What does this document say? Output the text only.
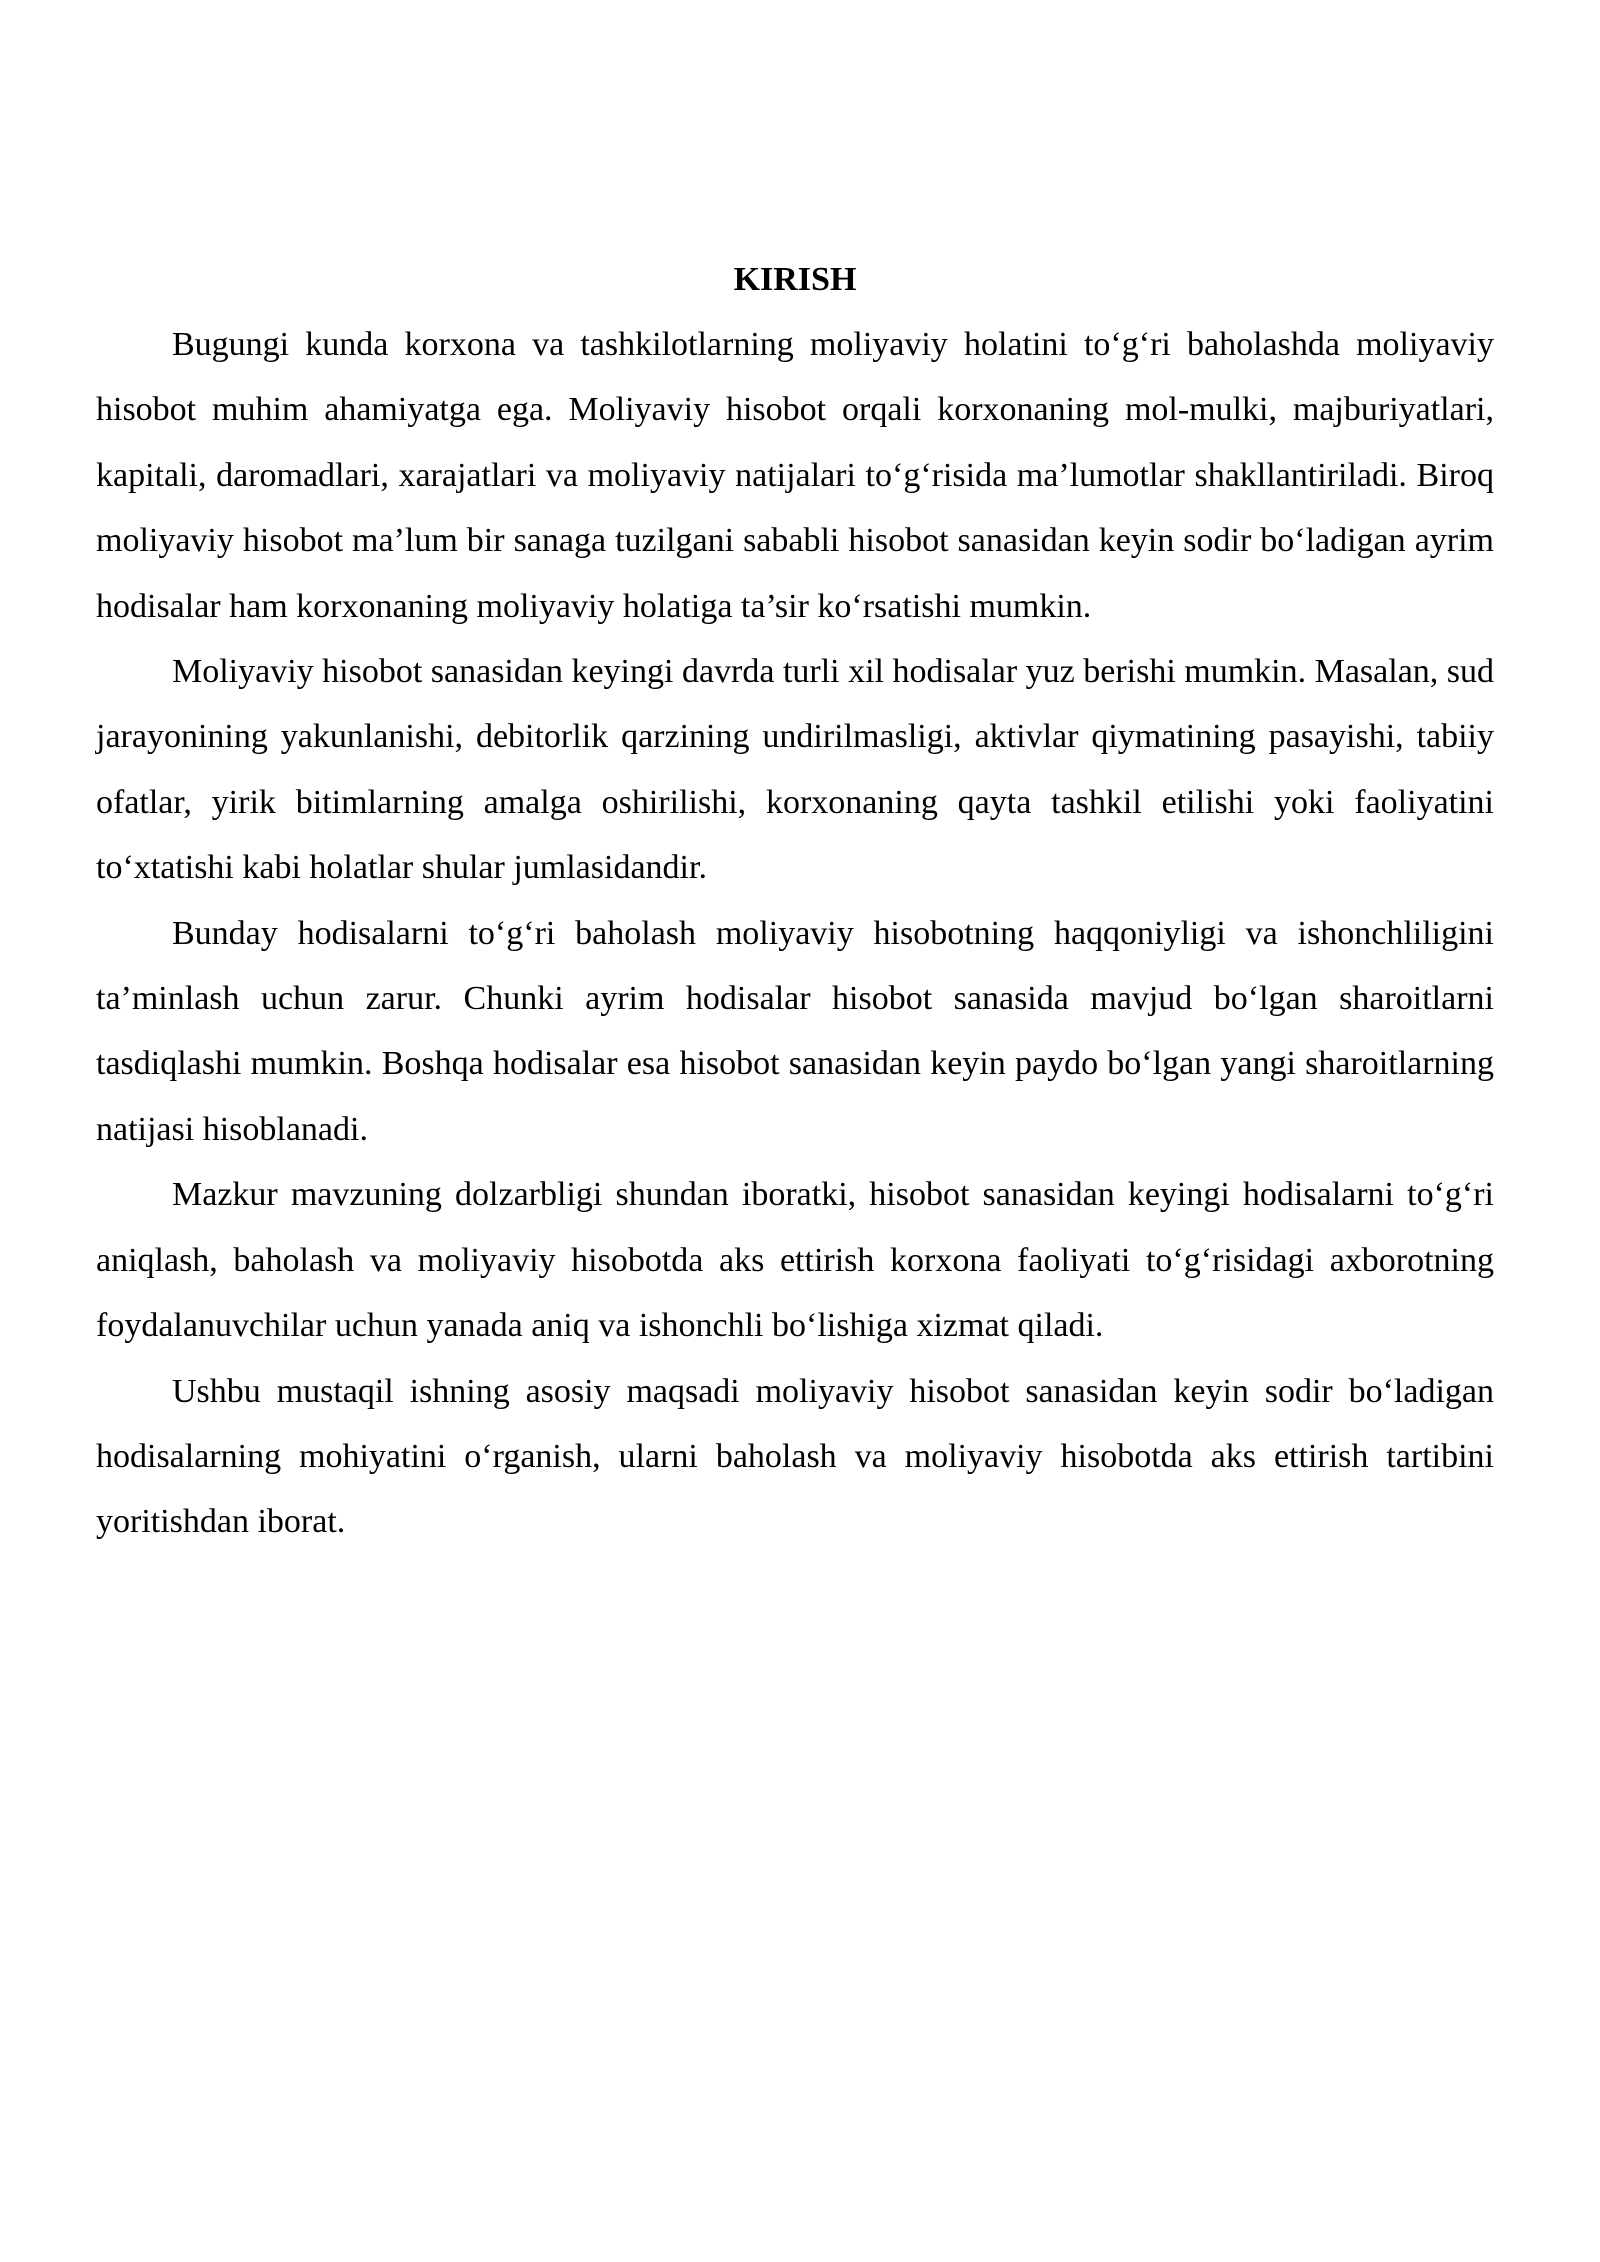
KIRISH

Bugungi kunda korxona va tashkilotlarning moliyaviy holatini to‘g‘ri baholashda moliyaviy hisobot muhim ahamiyatga ega. Moliyaviy hisobot orqali korxonaning mol-mulki, majburiyatlari, kapitali, daromadlari, xarajatlari va moliyaviy natijalari to‘g‘risida ma’lumotlar shakllantiriladi. Biroq moliyaviy hisobot ma’lum bir sanaga tuzilgani sababli hisobot sanasidan keyin sodir bo‘ladigan ayrim hodisalar ham korxonaning moliyaviy holatiga ta’sir ko‘rsatishi mumkin.

Moliyaviy hisobot sanasidan keyingi davrda turli xil hodisalar yuz berishi mumkin. Masalan, sud jarayonining yakunlanishi, debitorlik qarzining undirilmasligi, aktivlar qiymatining pasayishi, tabiiy ofatlar, yirik bitimlarning amalga oshirilishi, korxonaning qayta tashkil etilishi yoki faoliyatini to‘xtatishi kabi holatlar shular jumlasidandir.

Bunday hodisalarni to‘g‘ri baholash moliyaviy hisobotning haqqoniyligi va ishonchliligini ta’minlash uchun zarur. Chunki ayrim hodisalar hisobot sanasida mavjud bo‘lgan sharoitlarni tasdiqlashi mumkin. Boshqa hodisalar esa hisobot sanasidan keyin paydo bo‘lgan yangi sharoitlarning natijasi hisoblanadi.

Mazkur mavzuning dolzarbligi shundan iboratki, hisobot sanasidan keyingi hodisalarni to‘g‘ri aniqlash, baholash va moliyaviy hisobotda aks ettirish korxona faoliyati to‘g‘risidagi axborotning foydalanuvchilar uchun yanada aniq va ishonchli bo‘lishiga xizmat qiladi.

Ushbu mustaqil ishning asosiy maqsadi moliyaviy hisobot sanasidan keyin sodir bo‘ladigan hodisalarning mohiyatini o‘rganish, ularni baholash va moliyaviy hisobotda aks ettirish tartibini yoritishdan iborat.
